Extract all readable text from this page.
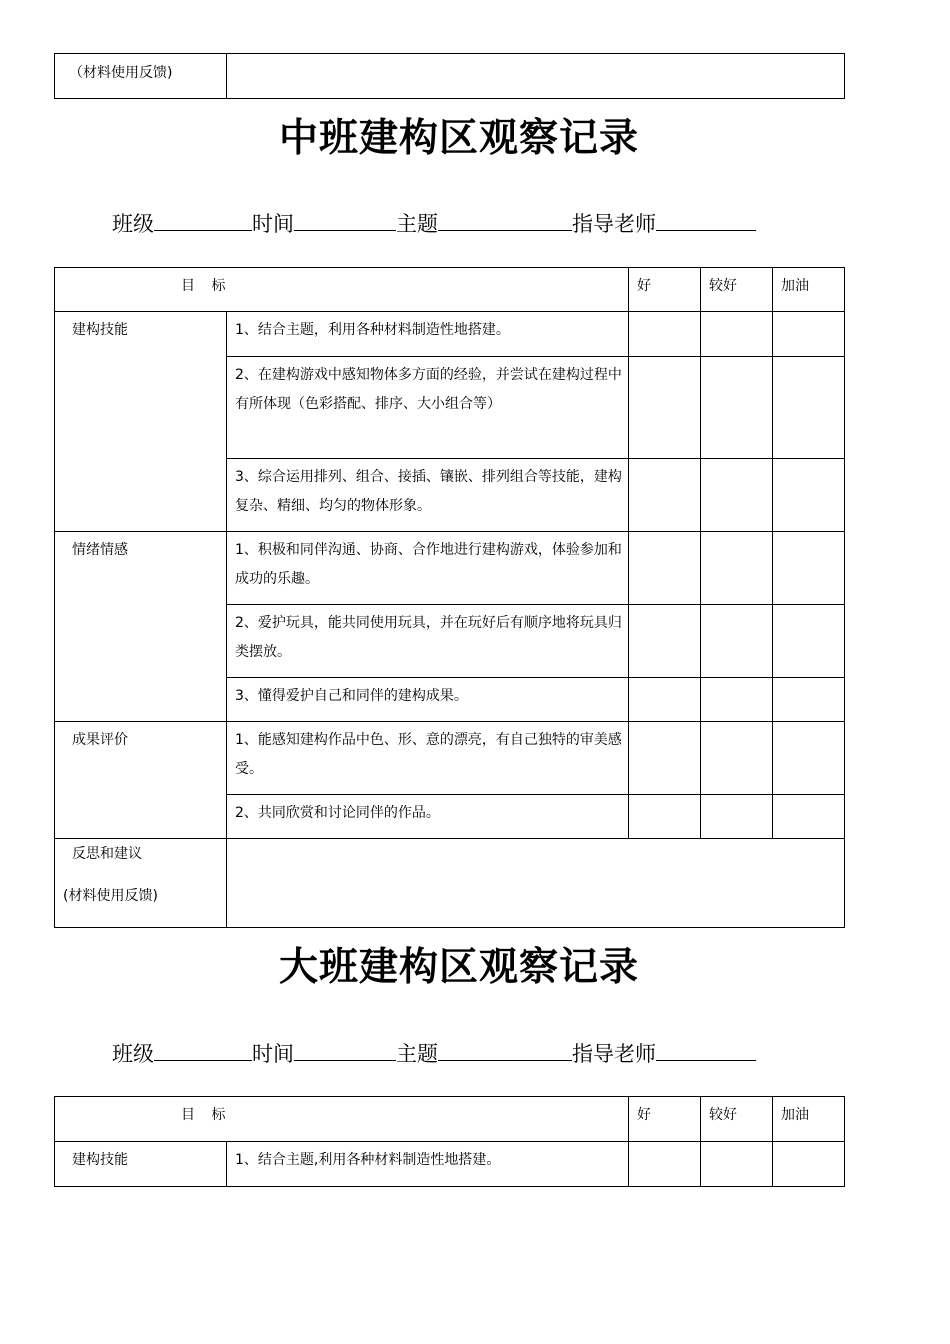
（材料使用反馈)	
中班建构区观察记录
班级	时间	主题	指导老师
目 标		好	较好	加油
建构技能	1、结合主题，利用各种材料制造性地搭建。			
	2、在建构游戏中感知物体多方面的经验，并尝试在建构过程中有所体现（色彩搭配、排序、大小组合等）			
	3、综合运用排列、组合、接插、镶嵌、排列组合等技能，建构复杂、精细、均匀的物体形象。			
情绪情感	1、积极和同伴沟通、协商、合作地进行建构游戏，体验参加和成功的乐趣。			
	2、爱护玩具，能共同使用玩具，并在玩好后有顺序地将玩具归类摆放。			
	3、懂得爱护自己和同伴的建构成果。			
成果评价	1、能感知建构作品中色、形、意的漂亮，有自己独特的审美感受。			
	2、共同欣赏和讨论同伴的作品。			

反思和建议
(材料使用反馈)				

大班建构区观察记录
班级	时间	主题	指导老师
目 标		好	较好	加油
建构技能	1、结合主题,利用各种材料制造性地搭建。			
